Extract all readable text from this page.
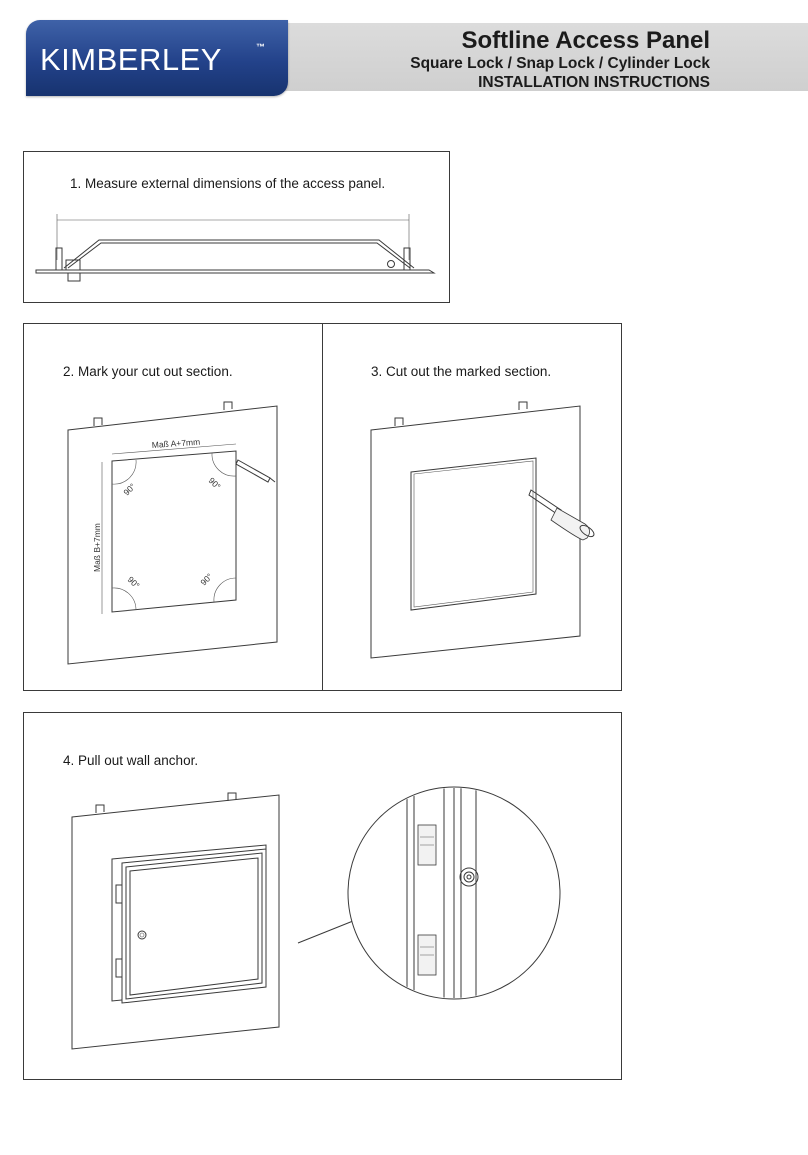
KIMBERLEY	™	Softline Access Panel
Square Lock / Snap Lock / Cylinder Lock
INSTALLATION INSTRUCTIONS
1. Measure external dimensions of the access panel.
2. Mark your cut out section.
Maß A+7mm
Maß B+7mm
90°	90°
90°	90°
3. Cut out the marked section.
4. Pull out wall anchor.
